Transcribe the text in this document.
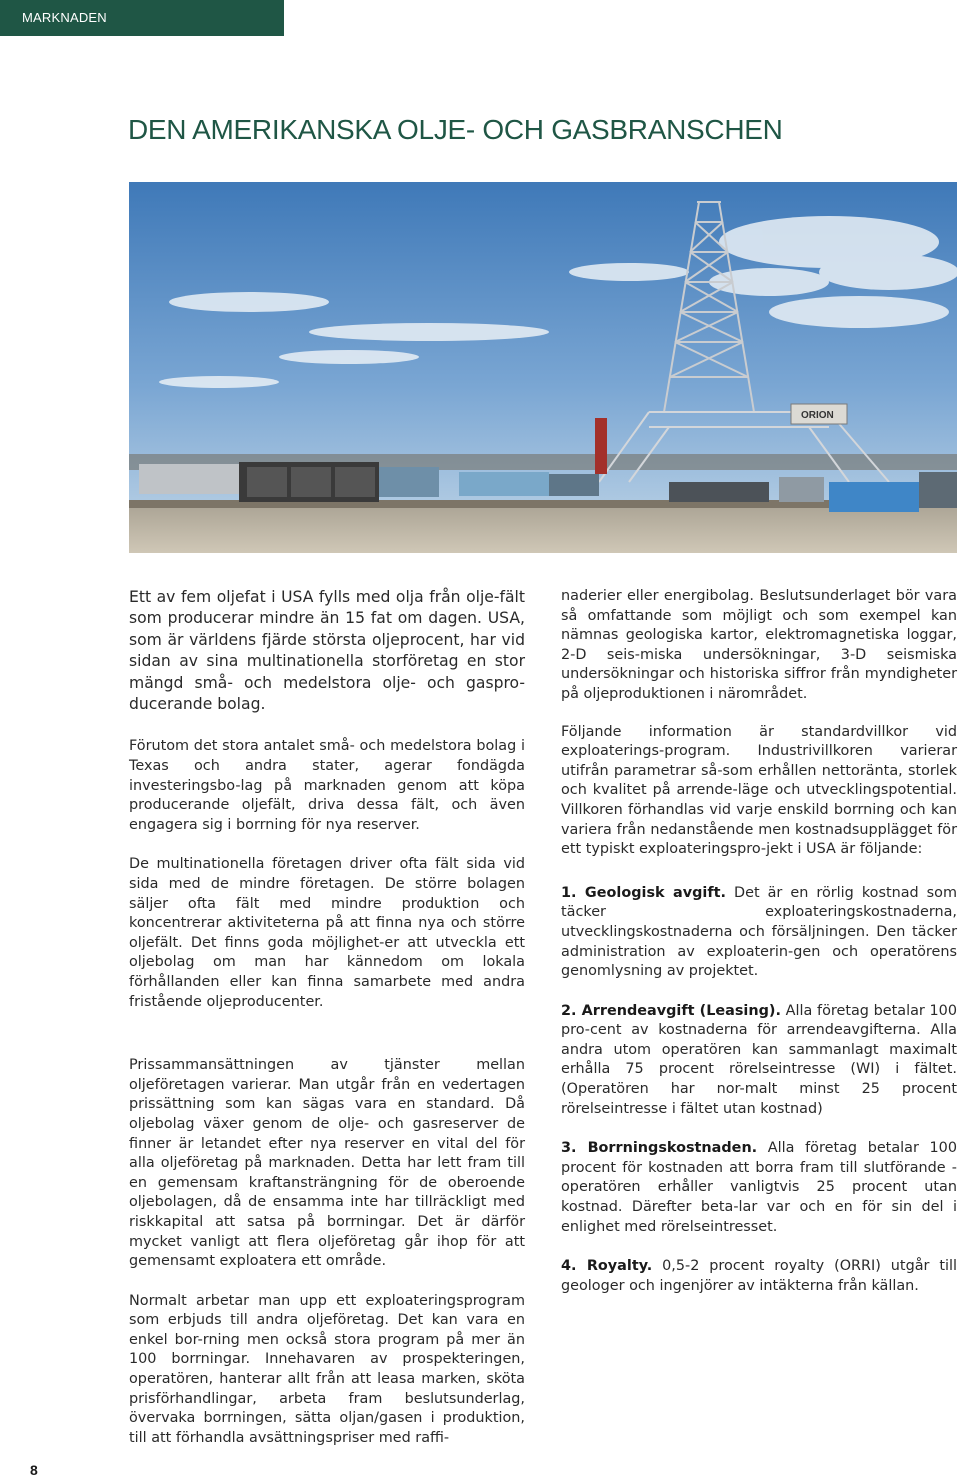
MARKNADEN
DEN AMERIKANSKA OLJE- OCH GASBRANSCHEN
ORION

Ett av fem oljefat i USA fylls med olja från olje-fält som producerar mindre än 15 fat om dagen. USA, som är världens fjärde största oljeprocent, har vid sidan av sina multinationella storföretag en stor mängd små- och medelstora olje- och gaspro-ducerande bolag.

Förutom det stora antalet små- och medelstora bolag i Texas och andra stater, agerar fondägda investeringsbo-lag på marknaden genom att köpa producerande oljefält, driva dessa fält, och även engagera sig i borrning för nya reserver.

De multinationella företagen driver ofta fält sida vid sida med de mindre företagen. De större bolagen säljer ofta fält med mindre produktion och koncentrerar aktiviteterna på att finna nya och större oljefält. Det finns goda möjlighet-er att utveckla ett oljebolag om man har kännedom om lokala förhållanden eller kan finna samarbete med andra fristående oljeproducenter.

Prissammansättningen av tjänster mellan oljeföretagen varierar. Man utgår från en vedertagen prissättning som kan sägas vara en standard. Då oljebolag växer genom de olje- och gasreserver de finner är letandet efter nya reserver en vital del för alla oljeföretag på marknaden. Detta har lett fram till en gemensam kraftansträngning för de oberoende oljebolagen, då de ensamma inte har tillräckligt med riskkapital att satsa på borrningar. Det är därför mycket vanligt att flera oljeföretag går ihop för att gemensamt exploatera ett område.

Normalt arbetar man upp ett exploateringsprogram som erbjuds till andra oljeföretag. Det kan vara en enkel bor-rning men också stora program på mer än 100 borrningar. Innehavaren av prospekteringen, operatören, hanterar allt från att leasa marken, sköta prisförhandlingar, arbeta fram beslutsunderlag, övervaka borrningen, sätta oljan/gasen i produktion, till att förhandla avsättningspriser med raffi-

naderier eller energibolag. Beslutsunderlaget bör vara så omfattande som möjligt och som exempel kan nämnas geologiska kartor, elektromagnetiska loggar, 2-D seis-miska undersökningar, 3-D seismiska undersökningar och historiska siffror från myndigheter på oljeproduktionen i närområdet.

Följande information är standardvillkor vid exploaterings-program. Industrivillkoren varierar utifrån parametrar så-som erhållen nettoränta, storlek och kvalitet på arrende-läge och utvecklingspotential. Villkoren förhandlas vid varje enskild borrning och kan variera från nedanstående men kostnadsupplägget för ett typiskt exploateringspro-jekt i USA är följande:

1. Geologisk avgift. Det är en rörlig kostnad som täcker exploateringskostnaderna, utvecklingskostnaderna och försäljningen. Den täcker administration av exploaterin-gen och operatörens genomlysning av projektet.

2. Arrendeavgift (Leasing). Alla företag betalar 100 pro-cent av kostnaderna för arrendeavgifterna. Alla andra utom operatören kan sammanlagt maximalt erhålla 75 procent rörelseintresse (WI) i fältet. (Operatören har nor-malt minst 25 procent rörelseintresse i fältet utan kostnad)

3. Borrningskostnaden. Alla företag betalar 100 procent för kostnaden att borra fram till slutförande - operatören erhåller vanligtvis 25 procent utan kostnad. Därefter beta-lar var och en för sin del i enlighet med rörelseintresset.

4. Royalty. 0,5-2 procent royalty (ORRI) utgår till geologer och ingenjörer av intäkterna från källan.

8
